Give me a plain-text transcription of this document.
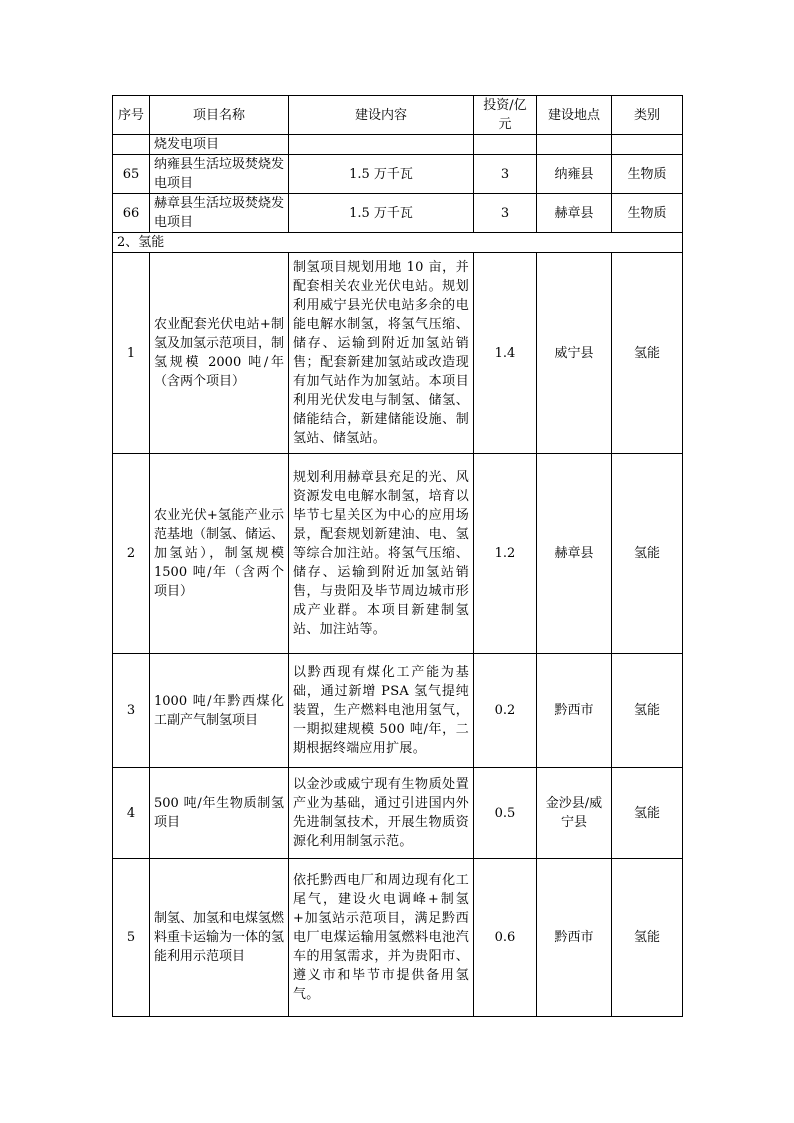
序号	项目名称	建设内容	投资/亿元	建设地点	类别
	烧发电项目				
65	纳雍县生活垃圾焚烧发电项目	1.5 万千瓦	3	纳雍县	生物质
66	赫章县生活垃圾焚烧发电项目	1.5 万千瓦	3	赫章县	生物质
2、氢能					
1	农业配套光伏电站+制氢及加氢示范项目，制氢规模 2000 吨/年（含两个项目）	制氢项目规划用地 10 亩，并配套相关农业光伏电站。规划利用威宁县光伏电站多余的电能电解水制氢，将氢气压缩、储存、运输到附近加氢站销售；配套新建加氢站或改造现有加气站作为加氢站。本项目利用光伏发电与制氢、储氢、储能结合，新建储能设施、制氢站、储氢站。	1.4	威宁县	氢能
2	农业光伏+氢能产业示范基地（制氢、储运、加氢站），制氢规模 1500 吨/年（含两个项目）	规划利用赫章县充足的光、风资源发电电解水制氢，培育以毕节七星关区为中心的应用场景，配套规划新建油、电、氢等综合加注站。将氢气压缩、储存、运输到附近加氢站销售，与贵阳及毕节周边城市形成产业群。本项目新建制氢站、加注站等。	1.2	赫章县	氢能
3	1000 吨/年黔西煤化工副产气制氢项目	以黔西现有煤化工产能为基础，通过新增 PSA 氢气提纯装置，生产燃料电池用氢气，一期拟建规模 500 吨/年，二期根据终端应用扩展。	0.2	黔西市	氢能
4	500 吨/年生物质制氢项目	以金沙或威宁现有生物质处置产业为基础，通过引进国内外先进制氢技术，开展生物质资源化利用制氢示范。	0.5	金沙县/威宁县	氢能
5	制氢、加氢和电煤氢燃料重卡运输为一体的氢能利用示范项目	依托黔西电厂和周边现有化工尾气，建设火电调峰+制氢+加氢站示范项目，满足黔西电厂电煤运输用氢燃料电池汽车的用氢需求，并为贵阳市、遵义市和毕节市提供备用氢气。	0.6	黔西市	氢能
